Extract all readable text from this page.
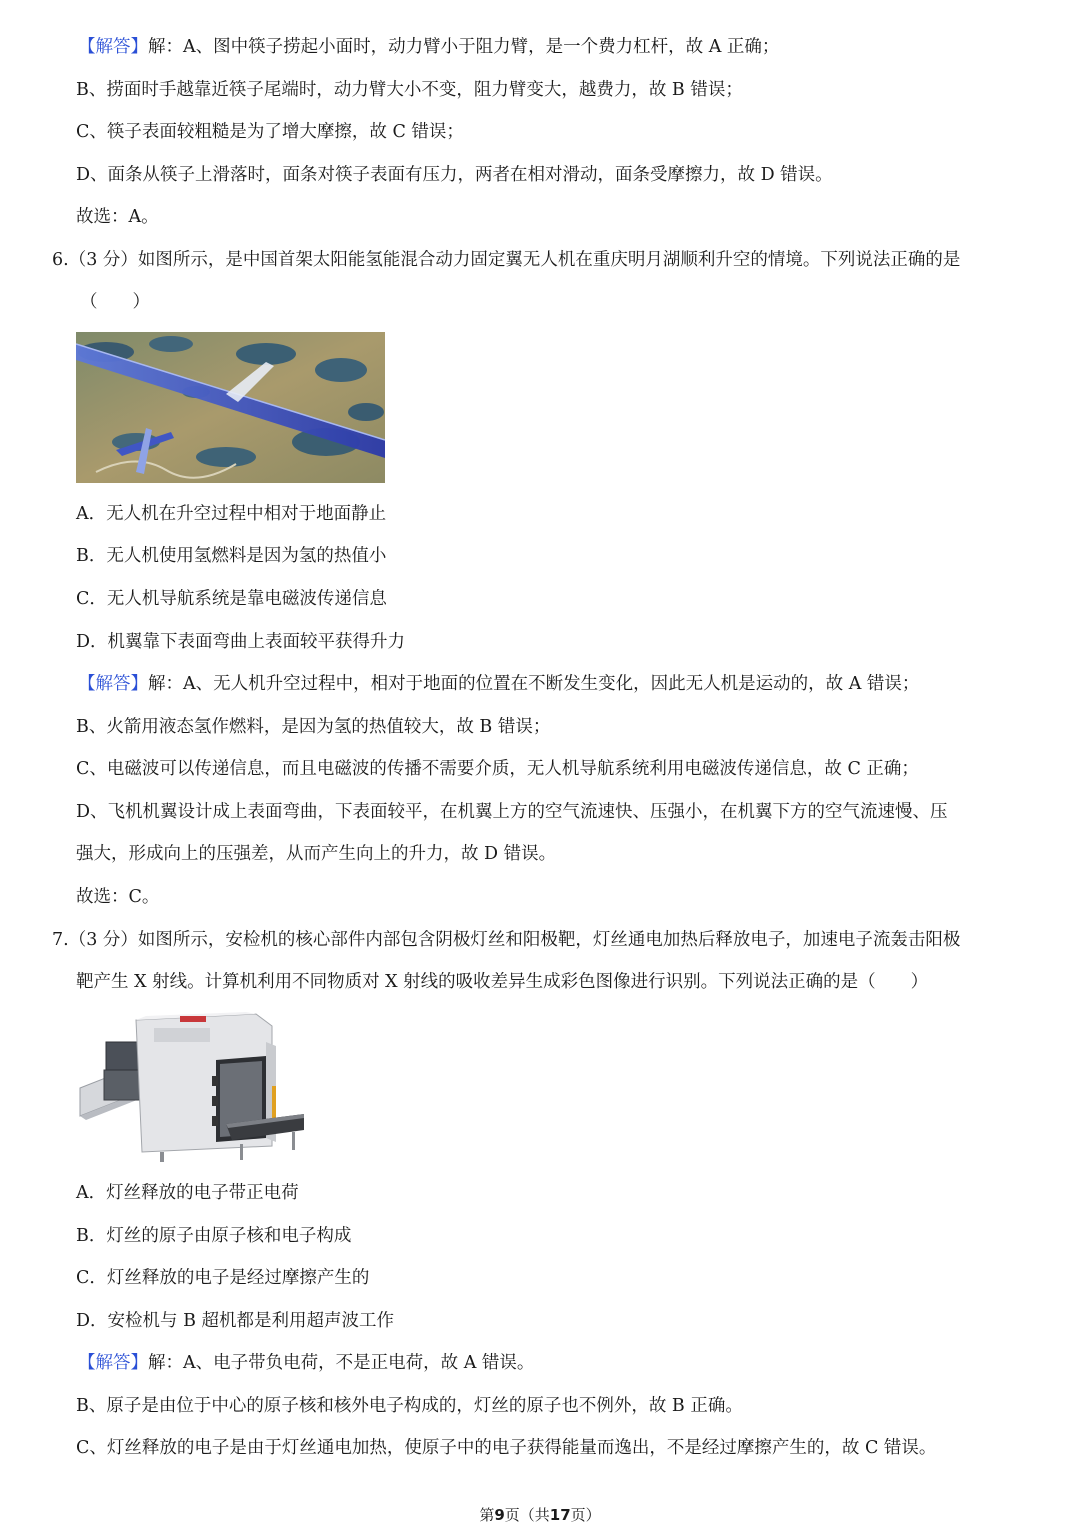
【解答】解：A、图中筷子捞起小面时，动力臂小于阻力臂，是一个费力杠杆，故 A 正确；
B、捞面时手越靠近筷子尾端时，动力臂大小不变，阻力臂变大，越费力，故 B 错误；
C、筷子表面较粗糙是为了增大摩擦，故 C 错误；
D、面条从筷子上滑落时，面条对筷子表面有压力，两者在相对滑动，面条受摩擦力，故 D 错误。
故选：A。
6.（3 分）如图所示，是中国首架太阳能氢能混合动力固定翼无人机在重庆明月湖顺利升空的情境。下列说法正确的是
（　　）
A．无人机在升空过程中相对于地面静止
B．无人机使用氢燃料是因为氢的热值小
C．无人机导航系统是靠电磁波传递信息
D．机翼靠下表面弯曲上表面较平获得升力
【解答】解：A、无人机升空过程中，相对于地面的位置在不断发生变化，因此无人机是运动的，故 A 错误；
B、火箭用液态氢作燃料，是因为氢的热值较大，故 B 错误；
C、电磁波可以传递信息，而且电磁波的传播不需要介质，无人机导航系统利用电磁波传递信息，故 C 正确；
D、飞机机翼设计成上表面弯曲，下表面较平，在机翼上方的空气流速快、压强小，在机翼下方的空气流速慢、压
强大，形成向上的压强差，从而产生向上的升力，故 D 错误。
故选：C。
7.（3 分）如图所示，安检机的核心部件内部包含阴极灯丝和阳极靶，灯丝通电加热后释放电子，加速电子流轰击阳极
靶产生 X 射线。计算机利用不同物质对 X 射线的吸收差异生成彩色图像进行识别。下列说法正确的是（　　）
A．灯丝释放的电子带正电荷
B．灯丝的原子由原子核和电子构成
C．灯丝释放的电子是经过摩擦产生的
D．安检机与 B 超机都是利用超声波工作
【解答】解：A、电子带负电荷，不是正电荷，故 A 错误。
B、原子是由位于中心的原子核和核外电子构成的，灯丝的原子也不例外，故 B 正确。
C、灯丝释放的电子是由于灯丝通电加热，使原子中的电子获得能量而逸出，不是经过摩擦产生的，故 C 错误。
第9页（共17页）
